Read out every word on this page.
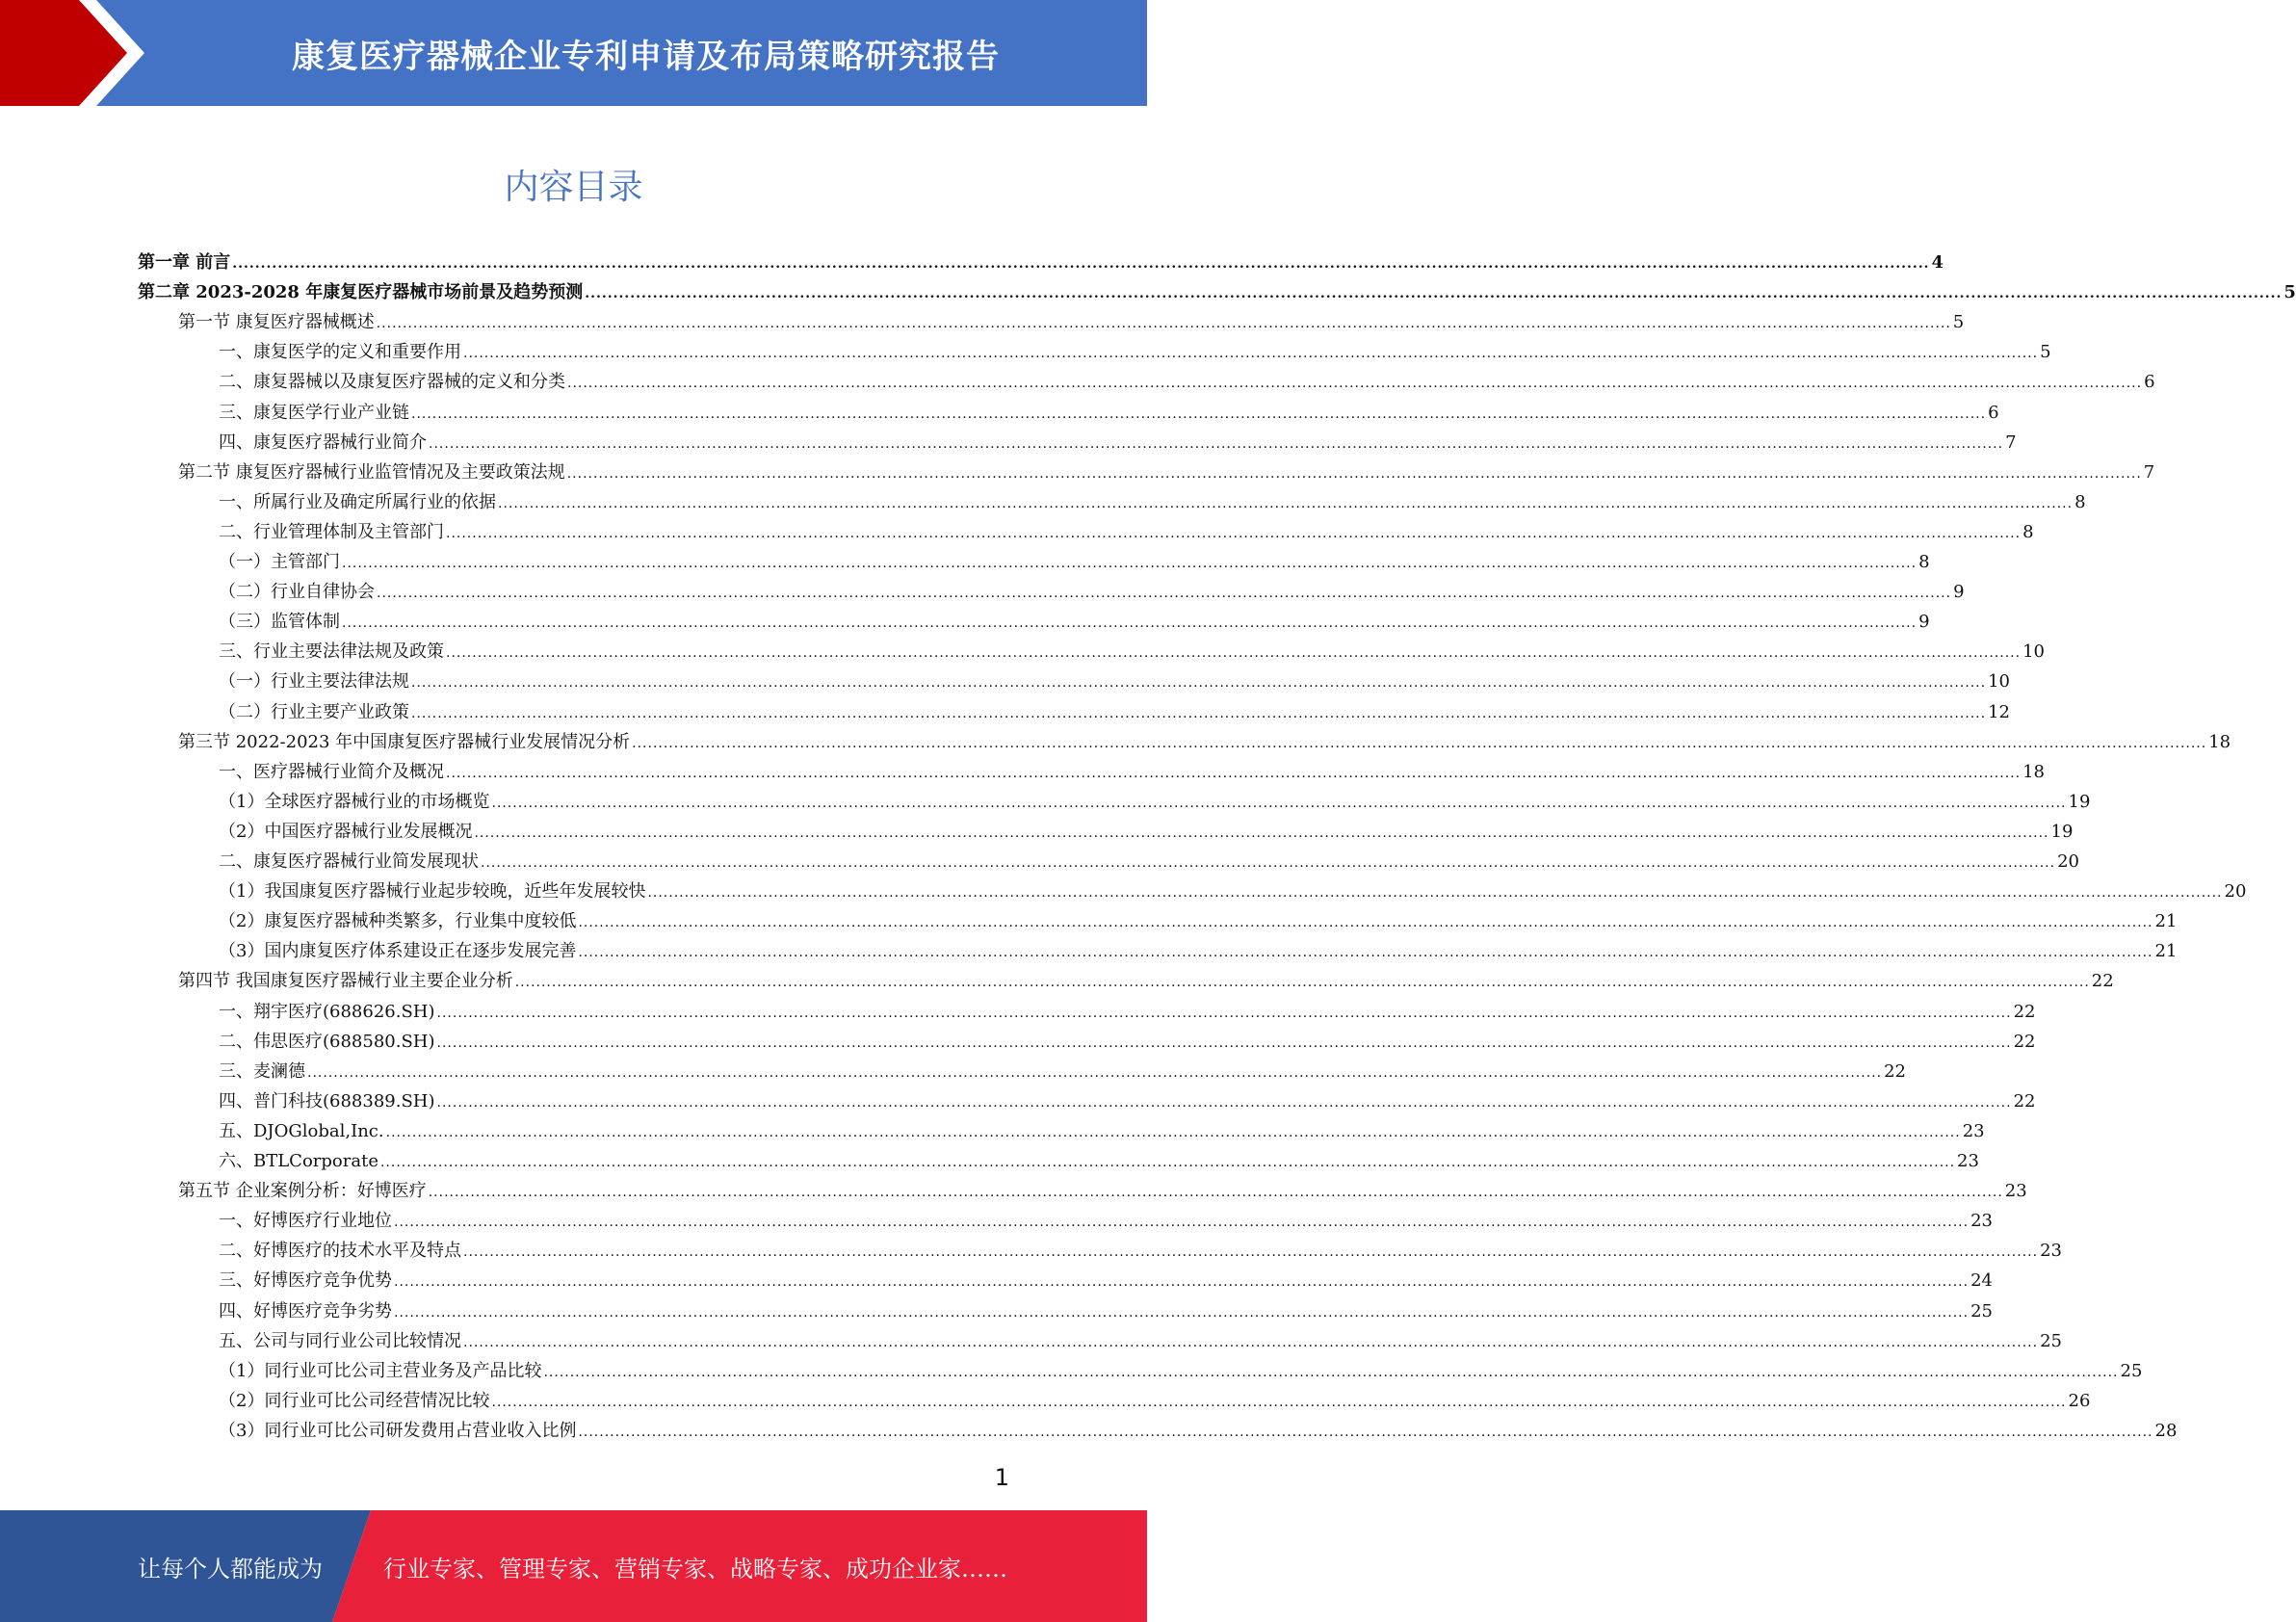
康复医疗器械企业专利申请及布局策略研究报告
内容目录
第一章 前言 ............................................................................................................................................................................................................................................................................................................ 4
第二章 2023-2028 年康复医疗器械市场前景及趋势预测 ............................................................................................................................................................................................................................................................................................................ 5
第一节 康复医疗器械概述 ............................................................................................................................................................................................................................................................................................................ 5
一、康复医学的定义和重要作用 ............................................................................................................................................................................................................................................................................................................ 5
二、康复器械以及康复医疗器械的定义和分类 ............................................................................................................................................................................................................................................................................................................ 6
三、康复医学行业产业链 ............................................................................................................................................................................................................................................................................................................ 6
四、康复医疗器械行业简介 ............................................................................................................................................................................................................................................................................................................ 7
第二节 康复医疗器械行业监管情况及主要政策法规 ............................................................................................................................................................................................................................................................................................................ 7
一、所属行业及确定所属行业的依据 ............................................................................................................................................................................................................................................................................................................ 8
二、行业管理体制及主管部门 ............................................................................................................................................................................................................................................................................................................ 8
（一）主管部门 ............................................................................................................................................................................................................................................................................................................ 8
（二）行业自律协会 ............................................................................................................................................................................................................................................................................................................ 9
（三）监管体制 ............................................................................................................................................................................................................................................................................................................ 9
三、行业主要法律法规及政策 ............................................................................................................................................................................................................................................................................................................ 10
（一）行业主要法律法规 ............................................................................................................................................................................................................................................................................................................ 10
（二）行业主要产业政策 ............................................................................................................................................................................................................................................................................................................ 12
第三节 2022-2023 年中国康复医疗器械行业发展情况分析 ............................................................................................................................................................................................................................................................................................................ 18
一、医疗器械行业简介及概况 ............................................................................................................................................................................................................................................................................................................ 18
（1）全球医疗器械行业的市场概览 ............................................................................................................................................................................................................................................................................................................ 19
（2）中国医疗器械行业发展概况 ............................................................................................................................................................................................................................................................................................................ 19
二、康复医疗器械行业简发展现状 ............................................................................................................................................................................................................................................................................................................ 20
（1）我国康复医疗器械行业起步较晚，近些年发展较快 ............................................................................................................................................................................................................................................................................................................ 20
（2）康复医疗器械种类繁多，行业集中度较低 ............................................................................................................................................................................................................................................................................................................ 21
（3）国内康复医疗体系建设正在逐步发展完善 ............................................................................................................................................................................................................................................................................................................ 21
第四节 我国康复医疗器械行业主要企业分析 ............................................................................................................................................................................................................................................................................................................ 22
一、翔宇医疗(688626.SH) ............................................................................................................................................................................................................................................................................................................ 22
二、伟思医疗(688580.SH) ............................................................................................................................................................................................................................................................................................................ 22
三、麦澜德 ............................................................................................................................................................................................................................................................................................................ 22
四、普门科技(688389.SH) ............................................................................................................................................................................................................................................................................................................ 22
五、DJOGlobal,Inc. ............................................................................................................................................................................................................................................................................................................ 23
六、BTLCorporate ............................................................................................................................................................................................................................................................................................................ 23
第五节 企业案例分析：好博医疗 ............................................................................................................................................................................................................................................................................................................ 23
一、好博医疗行业地位 ............................................................................................................................................................................................................................................................................................................ 23
二、好博医疗的技术水平及特点 ............................................................................................................................................................................................................................................................................................................ 23
三、好博医疗竞争优势 ............................................................................................................................................................................................................................................................................................................ 24
四、好博医疗竞争劣势 ............................................................................................................................................................................................................................................................................................................ 25
五、公司与同行业公司比较情况 ............................................................................................................................................................................................................................................................................................................ 25
（1）同行业可比公司主营业务及产品比较 ............................................................................................................................................................................................................................................................................................................ 25
（2）同行业可比公司经营情况比较 ............................................................................................................................................................................................................................................................................................................ 26
（3）同行业可比公司研发费用占营业收入比例 ............................................................................................................................................................................................................................................................................................................ 28
1
让每个人都能成为	行业专家、管理专家、营销专家、战略专家、成功企业家……
